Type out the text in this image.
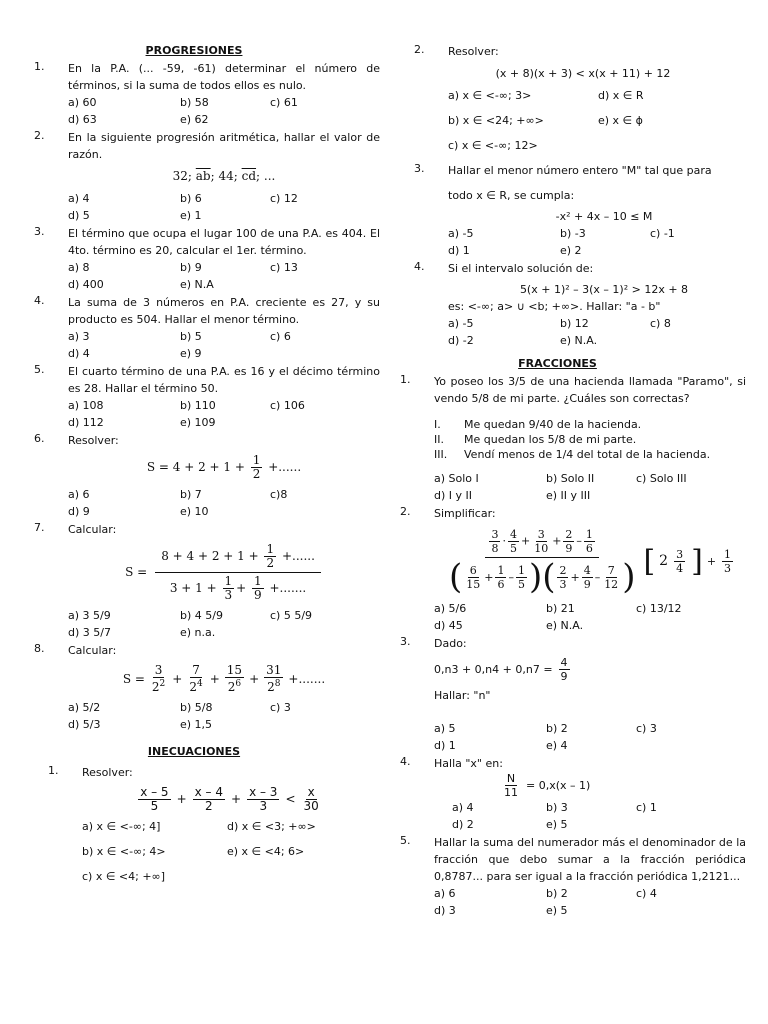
PROGRESIONES
1.	En la P.A. (... -59, -61) determinar el número de términos, si la suma de todos ellos es nulo.
a) 60	b) 58	c) 61
d) 63	e) 62
2.	En la siguiente progresión aritmética, hallar el valor de razón.
32; $\overline{ab}$; 44; $\overline{cd}$; ...
a) 4	b) 6	c) 12
d) 5	e) 1
3.	El término que ocupa el lugar 100 de una P.A. es 404. El 4to. término es 20, calcular el 1er. término.
a) 8	b) 9	c) 13
d) 400	e) N.A
4.	La suma de 3 números en P.A. creciente es 27, y su producto es 504. Hallar el menor término.
a) 3	b) 5	c) 6
d) 4	e) 9
5.	El cuarto término de una P.A. es 16 y el décimo término es 28. Hallar el término 50.
a) 108	b) 110	c) 106
d) 112	e) 109
6.	Resolver:
$S = 4 + 2 + 1 + \frac{1}{2}$ +......
a) 6	b) 7	c)8
d) 9	e) 10
7.	Calcular:
$S = \frac{8 + 4 + 2 + 1 + \frac{1}{2} +......}{3 + 1 + \frac{1}{3} + \frac{1}{9} +.......}$
a) 3 5/9	b) 4 5/9	c) 5 5/9
d) 3 5/7	e) n.a.
8.	Calcular:
$S = \frac{3}{2^2}$ +
7
$2^4$ +
15
$2^6$ +
31
$2^8$ +.......
a) 5/2	b) 5/8	c) 3
d) 5/3	e) 1,5
INECUACIONES
1.	Resolver:
$\frac{x - 5}{5} + \frac{x - 4}{2} + \frac{x - 3}{3} < \frac{x}{30}$
a) x ∈ <-∞; 4]	d) x ∈ <3; +∞>
b) x ∈ <-∞; 4>	e) x ∈ <4; 6>
c) x ∈ <4; +∞]
2.	Resolver:
(x + 8)(x + 3) < x(x + 11) + 12
a) x ∈ <-∞; 3>	d) x ∈ R
b) x ∈ <24; +∞>	e) x ∈ ϕ
c) x ∈ <-∞; 12>
3.	Hallar el menor número entero "M" tal que para
todo x ∈ R, se cumpla:
-x² + 4x – 10 ≤ M
a) -5	b) -3	c) -1
d) 1	e) 2
4.	Si el intervalo solución de:
5(x + 1)² – 3(x – 1)² > 12x + 8
es: <-∞; a> ∪ <b; +∞>. Hallar: "a - b"
a) -5	b) 12	c) 8
d) -2	e) N.A.
FRACCIONES
1.	Yo poseo los 3/5 de una hacienda llamada "Paramo", si vendo 5/8 de mi parte. ¿Cuáles son correctas?
I.	Me quedan 9/40 de la hacienda.
II.	Me quedan los 5/8 de mi parte.
III.	Vendí menos de 1/4 del total de la hacienda.
a) Solo I	b) Solo II	c) Solo III
d) I y II	e) II y III
2.	Simplificar:
$\frac{3}{8} \cdot \frac{4}{5} + \frac{3}{10} + \frac{2}{9} - \frac{1}{6}$
( 6
15
+
1
6
–
1
5 ) ( 2
3
+
4
9
–
7
12 ) [ 2 3
4 ] +
1
3
a) 5/6	b) 21	c) 13/12
d) 45	e) N.A.
3.	Dado:
$0,n3 + 0,n4 + 0,n7 = \frac{4}{9}$
Hallar: "n"
a) 5	b) 2	c) 3
d) 1	e) 4
4.	Halla "x" en:
$\frac{N}{11} = 0,x(x - 1)$
a) 4	b) 3	c) 1
d) 2	e) 5
5.	Hallar la suma del numerador más el denominador de la fracción que debo sumar a la fracción periódica 0,8787... para ser igual a la fracción periódica 1,2121...
a) 6	b) 2	c) 4
d) 3	e) 5
